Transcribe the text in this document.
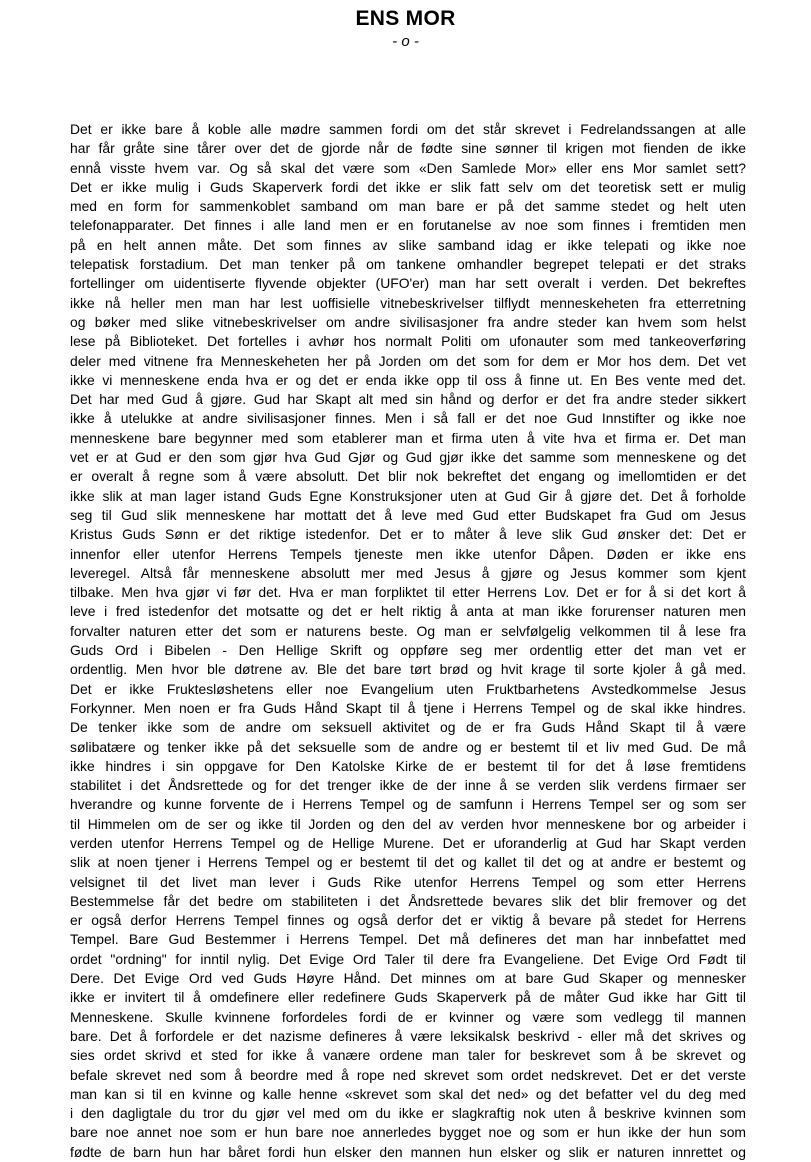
ENS MOR
- o -
Det er ikke bare å koble alle mødre sammen fordi om det står skrevet i Fedrelandssangen at alle
har får gråte sine tårer over det de gjorde når de fødte sine sønner til krigen mot fienden de ikke
ennå visste hvem var. Og så skal det være som «Den Samlede Mor» eller ens Mor samlet sett?
Det er ikke mulig i Guds Skaperverk fordi det ikke er slik fatt selv om det teoretisk sett er mulig
med en form for sammenkoblet samband om man bare er på det samme stedet og helt uten
telefonapparater. Det finnes i alle land men er en forutanelse av noe som finnes i fremtiden men
på en helt annen måte. Det som finnes av slike samband idag er ikke telepati og ikke noe
telepatisk forstadium. Det man tenker på om tankene omhandler begrepet telepati er det straks
fortellinger om uidentiserte flyvende objekter (UFO'er) man har sett overalt i verden. Det bekreftes
ikke nå heller men man har lest uoffisielle vitnebeskrivelser tilflydt menneskeheten fra etterretning
og bøker med slike vitnebeskrivelser om andre sivilisasjoner fra andre steder kan hvem som helst
lese på Biblioteket. Det fortelles i avhør hos normalt Politi om ufonauter som med tankeoverføring
deler med vitnene fra Menneskeheten her på Jorden om det som for dem er Mor hos dem. Det vet
ikke vi menneskene enda hva er og det er enda ikke opp til oss å finne ut. En Bes vente med det.
Det har med Gud å gjøre. Gud har Skapt alt med sin hånd og derfor er det fra andre steder sikkert
ikke å utelukke at andre sivilisasjoner finnes. Men i så fall er det noe Gud Innstifter og ikke noe
menneskene bare begynner med som etablerer man et firma uten å vite hva et firma er. Det man
vet er at Gud er den som gjør hva Gud Gjør og Gud gjør ikke det samme som menneskene og det
er overalt å regne som å være absolutt. Det blir nok bekreftet det engang og imellomtiden er det
ikke slik at man lager istand Guds Egne Konstruksjoner uten at Gud Gir å gjøre det. Det å forholde
seg til Gud slik menneskene har mottatt det å leve med Gud etter Budskapet fra Gud om Jesus
Kristus Guds Sønn er det riktige istedenfor. Det er to måter å leve slik Gud ønsker det: Det er
innenfor eller utenfor Herrens Tempels tjeneste men ikke utenfor Dåpen. Døden er ikke ens
leveregel. Altså får menneskene absolutt mer med Jesus å gjøre og Jesus kommer som kjent
tilbake. Men hva gjør vi før det. Hva er man forpliktet til etter Herrens Lov. Det er for å si det kort å
leve i fred istedenfor det motsatte og det er helt riktig å anta at man ikke forurenser naturen men
forvalter naturen etter det som er naturens beste. Og man er selvfølgelig velkommen til å lese fra
Guds Ord i Bibelen - Den Hellige Skrift og oppføre seg mer ordentlig etter det man vet er
ordentlig. Men hvor ble døtrene av. Ble det bare tørt brød og hvit krage til sorte kjoler å gå med.
Det er ikke Fruktesløshetens eller noe Evangelium uten Fruktbarhetens Avstedkommelse Jesus
Forkynner. Men noen er fra Guds Hånd Skapt til å tjene i Herrens Tempel og de skal ikke hindres.
De tenker ikke som de andre om seksuell aktivitet og de er fra Guds Hånd Skapt til å være
sølibatære og tenker ikke på det seksuelle som de andre og er bestemt til et liv med Gud. De må
ikke hindres i sin oppgave for Den Katolske Kirke de er bestemt til for det å løse fremtidens
stabilitet i det Åndsrettede og for det trenger ikke de der inne å se verden slik verdens firmaer ser
hverandre og kunne forvente de i Herrens Tempel og de samfunn i Herrens Tempel ser og som ser
til Himmelen om de ser og ikke til Jorden og den del av verden hvor menneskene bor og arbeider i
verden utenfor Herrens Tempel og de Hellige Murene. Det er uforanderlig at Gud har Skapt verden
slik at noen tjener i Herrens Tempel og er bestemt til det og kallet til det og at andre er bestemt og
velsignet til det livet man lever i Guds Rike utenfor Herrens Tempel og som etter Herrens
Bestemmelse får det bedre om stabiliteten i det Åndsrettede bevares slik det blir fremover og det
er også derfor Herrens Tempel finnes og også derfor det er viktig å bevare på stedet for Herrens
Tempel. Bare Gud Bestemmer i Herrens Tempel. Det må defineres det man har innbefattet med
ordet "ordning" for inntil nylig. Det Evige Ord Taler til dere fra Evangeliene. Det Evige Ord Født til
Dere. Det Evige Ord ved Guds Høyre Hånd. Det minnes om at bare Gud Skaper og mennesker
ikke er invitert til å omdefinere eller redefinere Guds Skaperverk på de måter Gud ikke har Gitt til
Menneskene. Skulle kvinnene forfordeles fordi de er kvinner og være som vedlegg til mannen
bare. Det å forfordele er det nazisme defineres å være leksikalsk beskrivd - eller må det skrives og
sies ordet skrivd et sted for ikke å vanære ordene man taler for beskrevet som å be skrevet og
befale skrevet ned som å beordre med å rope ned skrevet som ordet nedskrevet. Det er det verste
man kan si til en kvinne og kalle henne «skrevet som skal det ned» og det befatter vel du deg med
i den dagligtale du tror du gjør vel med om du ikke er slagkraftig nok uten å beskrive kvinnen som
bare noe annet noe som er hun bare noe annerledes bygget noe og som er hun ikke der hun som
fødte de barn hun har båret fordi hun elsker den mannen hun elsker og slik er naturen innrettet og
